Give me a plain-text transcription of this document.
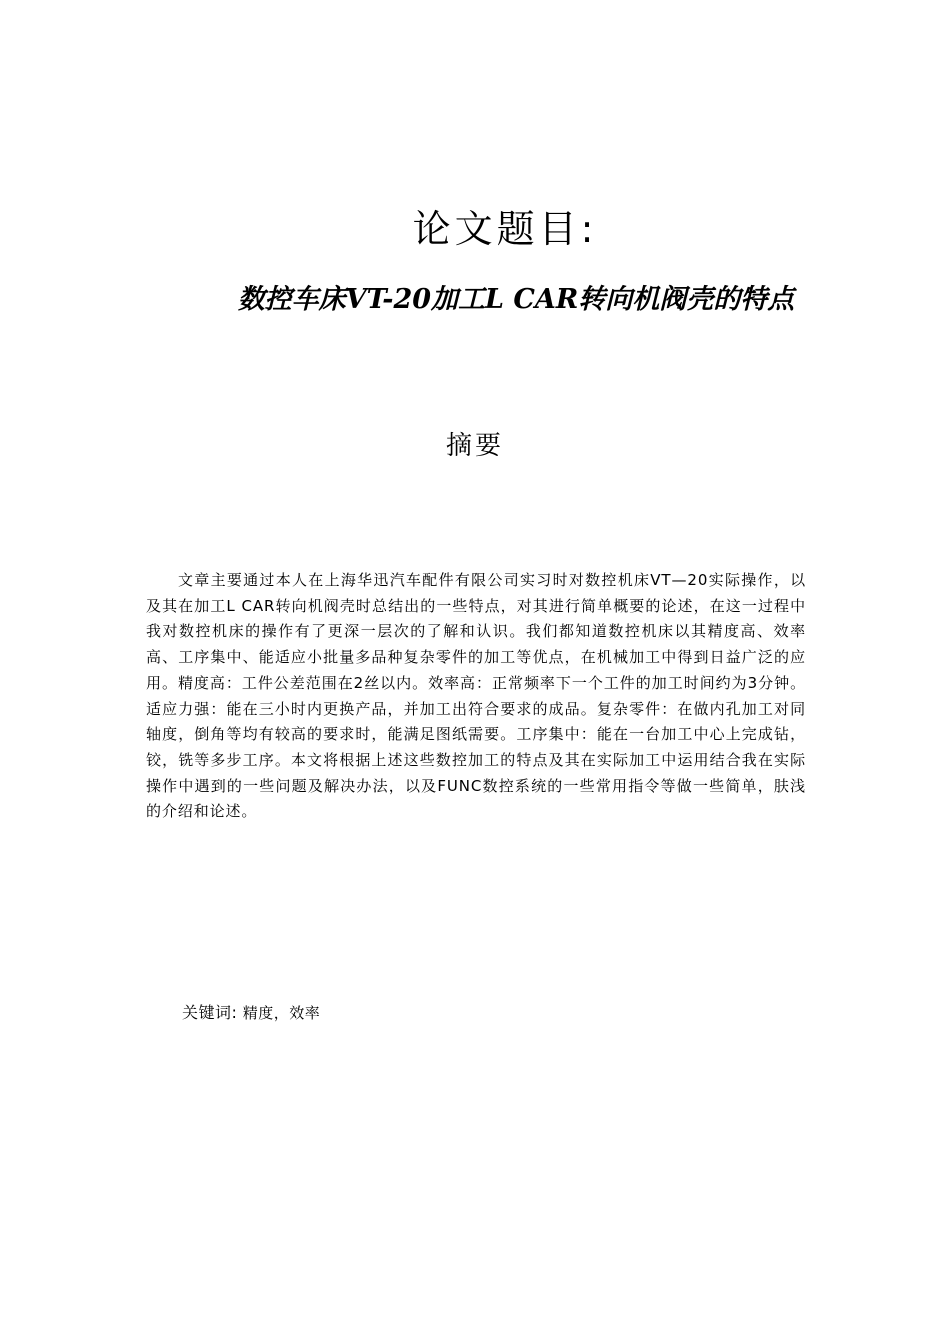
论文题目:
数控车床VT-20加工L CAR转向机阀壳的特点
摘要

文章主要通过本人在上海华迅汽车配件有限公司实习时对数控机床VT—20实际操作，以及其在加工L CAR转向机阀壳时总结出的一些特点，对其进行简单概要的论述，在这一过程中我对数控机床的操作有了更深一层次的了解和认识。我们都知道数控机床以其精度高、效率高、工序集中、能适应小批量多品种复杂零件的加工等优点，在机械加工中得到日益广泛的应用。精度高：工件公差范围在2丝以内。效率高：正常频率下一个工件的加工时间约为3分钟。适应力强：能在三小时内更换产品，并加工出符合要求的成品。复杂零件：在做内孔加工对同轴度，倒角等均有较高的要求时，能满足图纸需要。工序集中：能在一台加工中心上完成钻，铰，铣等多步工序。本文将根据上述这些数控加工的特点及其在实际加工中运用结合我在实际操作中遇到的一些问题及解决办法，以及FUNC数控系统的一些常用指令等做一些简单，肤浅的介绍和论述。

关键词: 精度，效率
